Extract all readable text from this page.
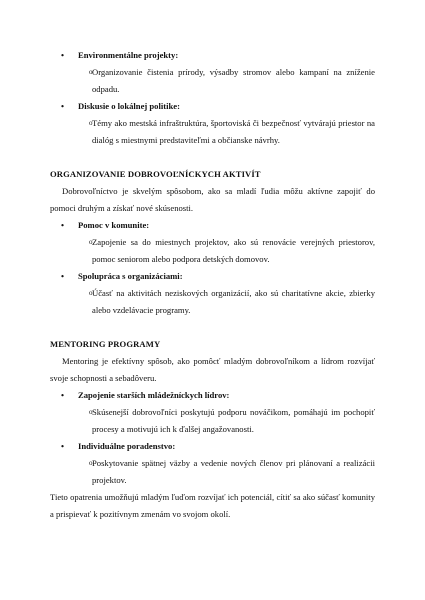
• Environmentálne projekty:
o Organizovanie čistenia prírody, výsadby stromov alebo kampaní na zníženie odpadu.
• Diskusie o lokálnej politike:
o Témy ako mestská infraštruktúra, športoviská či bezpečnosť vytvárajú priestor na dialóg s miestnymi predstaviteľmi a občianske návrhy.
ORGANIZOVANIE DOBROVOĽNÍCKYCH AKTIVÍT
Dobrovoľníctvo je skvelým spôsobom, ako sa mladí ľudia môžu aktívne zapojiť do pomoci druhým a získať nové skúsenosti.
• Pomoc v komunite:
o Zapojenie sa do miestnych projektov, ako sú renovácie verejných priestorov, pomoc seniorom alebo podpora detských domovov.
• Spolupráca s organizáciami:
o Účasť na aktivitách neziskových organizácií, ako sú charitatívne akcie, zbierky alebo vzdelávacie programy.
MENTORING PROGRAMY
Mentoring je efektívny spôsob, ako pomôcť mladým dobrovoľníkom a lídrom rozvíjať svoje schopnosti a sebadôveru.
• Zapojenie starších mládežníckych lídrov:
o Skúsenejší dobrovoľníci poskytujú podporu nováčikom, pomáhajú im pochopiť procesy a motivujú ich k ďalšej angažovanosti.
• Individuálne poradenstvo:
o Poskytovanie spätnej väzby a vedenie nových členov pri plánovaní a realizácii projektov.
Tieto opatrenia umožňujú mladým ľuďom rozvíjať ich potenciál, cítiť sa ako súčasť komunity a prispievať k pozitívnym zmenám vo svojom okolí.
